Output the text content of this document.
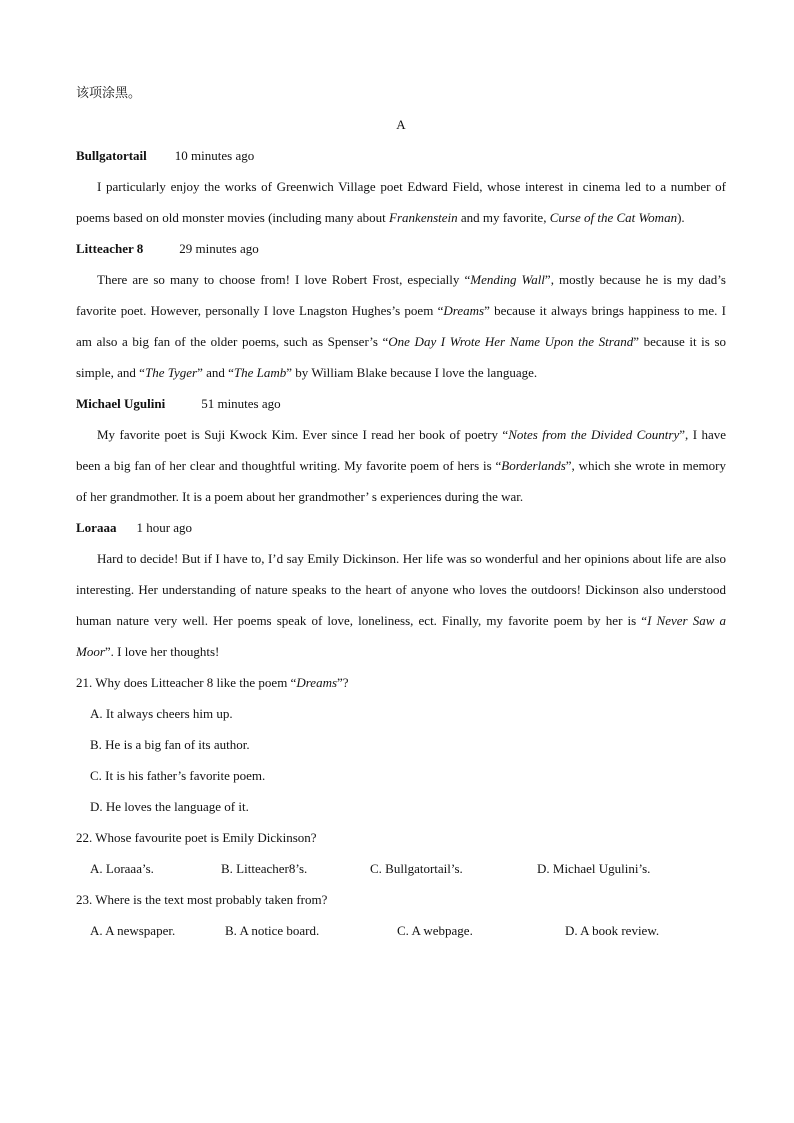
该项涂黑。

A

Bullgatortail 10 minutes ago

I particularly enjoy the works of Greenwich Village poet Edward Field, whose interest in cinema led to a number of poems based on old monster movies (including many about Frankenstein and my favorite, Curse of the Cat Woman).

Litteacher 8	29 minutes ago

There are so many to choose from! I love Robert Frost, especially “Mending Wall”, mostly because he is my dad’s favorite poet. However, personally I love Lnagston Hughes’s poem “Dreams” because it always brings happiness to me. I am also a big fan of the older poems, such as Spenser’s “One Day I Wrote Her Name Upon the Strand” because it is so simple, and “The Tyger” and “The Lamb” by William Blake because I love the language.

Michael Ugulini	51 minutes ago

My favorite poet is Suji Kwock Kim. Ever since I read her book of poetry “Notes from the Divided Country”, I have been a big fan of her clear and thoughtful writing. My favorite poem of hers is “Borderlands”, which she wrote in memory of her grandmother. It is a poem about her grandmother’ s experiences during the war.

Loraaa 1 hour ago

Hard to decide! But if I have to, I’d say Emily Dickinson. Her life was so wonderful and her opinions about life are also interesting. Her understanding of nature speaks to the heart of anyone who loves the outdoors! Dickinson also understood human nature very well. Her poems speak of love, loneliness, ect. Finally, my favorite poem by her is “I Never Saw a Moor”. I love her thoughts!

21. Why does Litteacher 8 like the poem “Dreams”?

A. It always cheers him up.

B. He is a big fan of its author.

C. It is his father’s favorite poem.

D. He loves the language of it.

22. Whose favourite poet is Emily Dickinson?

A. Loraaa’s.	B. Litteacher8’s.	C. Bullgatortail’s.	D. Michael Ugulini’s.

23. Where is the text most probably taken from?

A. A newspaper.	B. A notice board.	C. A webpage.	D. A book review.
